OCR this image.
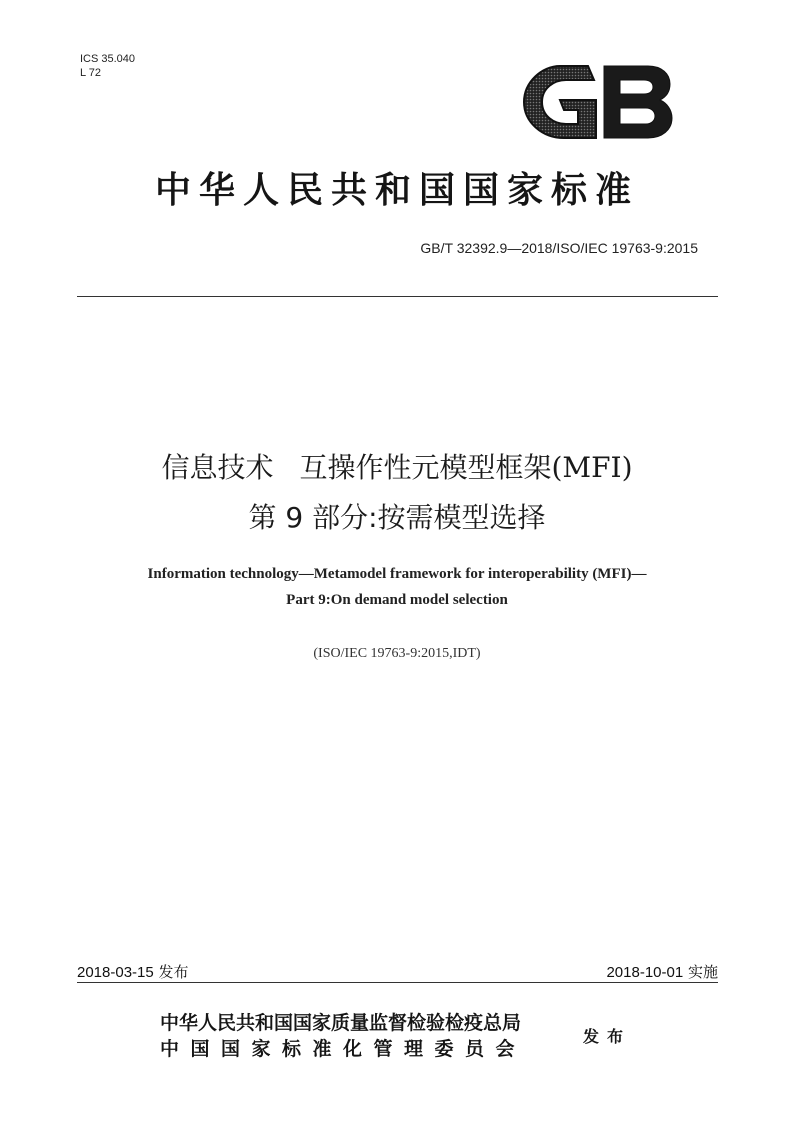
ICS 35.040
L 72
中华人民共和国国家标准
GB/T 32392.9—2018/ISO/IEC 19763-9:2015
信息技术 互操作性元模型框架(MFI)
第 9 部分:按需模型选择
Information technology—Metamodel framework for interoperability (MFI)—
Part 9:On demand model selection
(ISO/IEC 19763-9:2015,IDT)
2018-03-15 发布	2018-10-01 实施
中华人民共和国国家质量监督检验检疫总局
中国国家标准化管理委员会
发布
